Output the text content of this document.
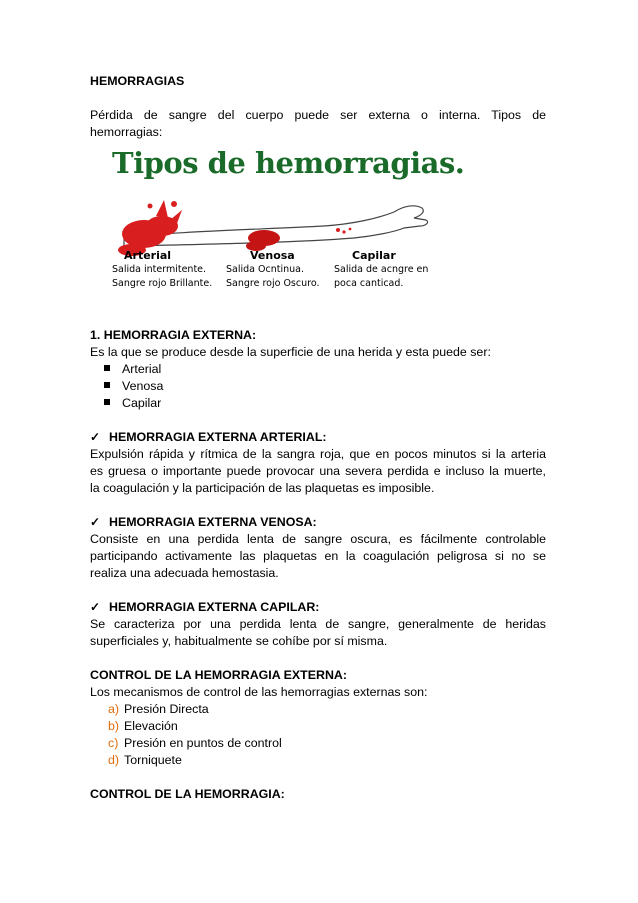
HEMORRAGIAS
Pérdida de sangre del cuerpo puede ser externa o interna. Tipos de
hemorragias:
1. HEMORRAGIA EXTERNA:
Es la que se produce desde la superficie de una herida y esta puede ser:
Arterial
Venosa
Capilar
✓ HEMORRAGIA EXTERNA ARTERIAL:
Expulsión rápida y rítmica de la sangra roja, que en pocos minutos si la arteria
es gruesa o importante puede provocar una severa perdida e incluso la muerte,
la coagulación y la participación de las plaquetas es imposible.
✓ HEMORRAGIA EXTERNA VENOSA:
Consiste en una perdida lenta de sangre oscura, es fácilmente controlable
participando activamente las plaquetas en la coagulación peligrosa si no se
realiza una adecuada hemostasia.
✓ HEMORRAGIA EXTERNA CAPILAR:
Se caracteriza por una perdida lenta de sangre, generalmente de heridas
superficiales y, habitualmente se cohíbe por sí misma.
CONTROL DE LA HEMORRAGIA EXTERNA:
Los mecanismos de control de las hemorragias externas son:
a) Presión Directa
b) Elevación
c) Presión en puntos de control
d) Torniquete
CONTROL DE LA HEMORRAGIA:
Tipos de hemorragias.
Arterial	Venosa	Capilar
Salida intermitente.
Sangre rojo Brillante.
Salida Ocntinua.
Sangre rojo Oscuro.
Salida de acngre en
poca canticad.
